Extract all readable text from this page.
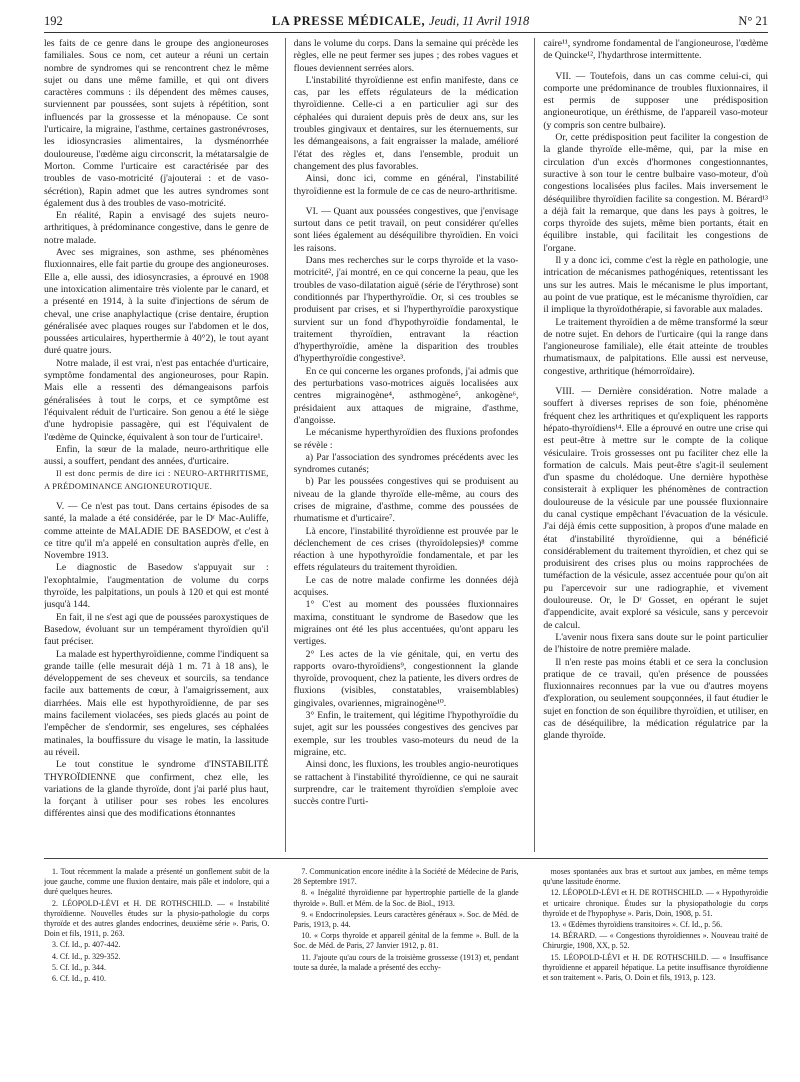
192	LA PRESSE MÉDICALE, Jeudi, 11 Avril 1918	N° 21

les faits de ce genre dans le groupe des angioneuroses familiales. Sous ce nom, cet auteur a réuni un certain nombre de syndromes qui se rencontrent chez le même sujet ou dans une même famille, et qui ont divers caractères communs : ils dépendent des mêmes causes, surviennent par poussées, sont sujets à répétition, sont influencés par la grossesse et la ménopause. Ce sont l'urticaire, la migraine, l'asthme, certaines gastronévroses, les idiosyncrasies alimentaires, la dysménorrhée douloureuse, l'œdème aigu circonscrit, la métatarsalgie de Morton. Comme l'urticaire est caractérisée par des troubles de vaso-motricité (j'ajouterai : et de vaso-sécrétion), Rapin admet que les autres syndromes sont également dus à des troubles de vaso-motricité.

En réalité, Rapin a envisagé des sujets neuro-arthritiques, à prédominance congestive, dans le genre de notre malade.

Avec ses migraines, son asthme, ses phénomènes fluxionnaires, elle fait partie du groupe des angioneuroses. Elle a, elle aussi, des idiosyncrasies, a éprouvé en 1908 une intoxication alimentaire très violente par le canard, et a présenté en 1914, à la suite d'injections de sérum de cheval, une crise anaphylactique (crise dentaire, éruption généralisée avec plaques rouges sur l'abdomen et le dos, poussées articulaires, hyperthermie à 40°2), le tout ayant duré quatre jours.

Notre malade, il est vrai, n'est pas entachée d'urticaire, symptôme fondamental des angioneuroses, pour Rapin. Mais elle a ressenti des démangeaisons parfois généralisées à tout le corps, et ce symptôme est l'équivalent réduit de l'urticaire. Son genou a été le siège d'une hydropisie passagère, qui est l'équivalent de l'œdème de Quincke, équivalent à son tour de l'urticaire¹.

Enfin, la sœur de la malade, neuro-arthritique elle aussi, a souffert, pendant des années, d'urticaire.

Il est donc permis de dire ici : NEURO-ARTHRITISME, A PRÉDOMINANCE ANGIONEUROTIQUE.

V. — Ce n'est pas tout. Dans certains épisodes de sa santé, la malade a été considérée, par le Dʳ Mac-Auliffe, comme atteinte de MALADIE DE BASEDOW, et c'est à ce titre qu'il m'a appelé en consultation auprès d'elle, en Novembre 1913.

Le diagnostic de Basedow s'appuyait sur : l'exophtalmie, l'augmentation de volume du corps thyroïde, les palpitations, un pouls à 120 et qui est monté jusqu'à 144.

En fait, il ne s'est agi que de poussées paroxystiques de Basedow, évoluant sur un tempérament thyroïdien qu'il faut préciser.

La malade est hyperthyroïdienne, comme l'indiquent sa grande taille (elle mesurait déjà 1 m. 71 à 18 ans), le développement de ses cheveux et sourcils, sa tendance facile aux battements de cœur, à l'amaigrissement, aux diarrhées. Mais elle est hypothyroïdienne, de par ses mains facilement violacées, ses pieds glacés au point de l'empêcher de s'endormir, ses engelures, ses céphalées matinales, la bouffissure du visage le matin, la lassitude au réveil.

Le tout constitue le syndrome d'INSTABILITÉ THYROÏDIENNE que confirment, chez elle, les variations de la glande thyroïde, dont j'ai parlé plus haut, la forçant à utiliser pour ses robes les encolures différentes ainsi que des modifications étonnantes

dans le volume du corps. Dans la semaine qui précède les règles, elle ne peut fermer ses jupes ; des robes vagues et floues deviennent serrées alors.

L'instabilité thyroïdienne est enfin manifeste, dans ce cas, par les effets régulateurs de la médication thyroïdienne. Celle-ci a en particulier agi sur des céphalées qui duraient depuis près de deux ans, sur les troubles gingivaux et dentaires, sur les éternuements, sur les démangeaisons, a fait engraisser la malade, amélioré l'état des règles et, dans l'ensemble, produit un changement des plus favorables.

Ainsi, donc ici, comme en général, l'instabilité thyroïdienne est la formule de ce cas de neuro-arthritisme.

VI. — Quant aux poussées congestives, que j'envisage surtout dans ce petit travail, on peut considérer qu'elles sont liées également au déséquilibre thyroïdien. En voici les raisons.

Dans mes recherches sur le corps thyroïde et la vaso-motricité², j'ai montré, en ce qui concerne la peau, que les troubles de vaso-dilatation aiguë (série de l'érythrose) sont conditionnés par l'hyperthyroïdie. Or, si ces troubles se produisent par crises, et si l'hyperthyroïdie paroxystique survient sur un fond d'hypothyroïdie fondamental, le traitement thyroïdien, entravant la réaction d'hyperthyroïdie, amène la disparition des troubles d'hyperthyroïdie congestive³.

En ce qui concerne les organes profonds, j'ai admis que des perturbations vaso-motrices aiguës localisées aux centres migrainogène⁴, asthmogène⁵, ankogène⁶, présidaient aux attaques de migraine, d'asthme, d'angoisse.

Le mécanisme hyperthyroïdien des fluxions profondes se révèle :

a) Par l'association des syndromes précédents avec les syndromes cutanés;

b) Par les poussées congestives qui se produisent au niveau de la glande thyroïde elle-même, au cours des crises de migraine, d'asthme, comme des poussées de rhumatisme et d'urticaire⁷.

Là encore, l'instabilité thyroïdienne est prouvée par le déclenchement de ces crises (thyroïdolepsies)⁸ comme réaction à une hypothyroïdie fondamentale, et par les effets régulateurs du traitement thyroïdien.

Le cas de notre malade confirme les données déjà acquises.

1° C'est au moment des poussées fluxionnaires maxima, constituant le syndrome de Basedow que les migraines ont été les plus accentuées, qu'ont apparu les vertiges.

2° Les actes de la vie génitale, qui, en vertu des rapports ovaro-thyroïdiens⁹, congestionnent la glande thyroïde, provoquent, chez la patiente, les divers ordres de fluxions (visibles, constatables, vraisemblables) gingivales, ovariennes, migrainogène¹⁰.

3° Enfin, le traitement, qui légitime l'hypothyroïdie du sujet, agit sur les poussées congestives des gencives par exemple, sur les troubles vaso-moteurs du neud de la migraine, etc.

Ainsi donc, les fluxions, les troubles angio-neurotiques se rattachent à l'instabilité thyroïdienne, ce qui ne saurait surprendre, car le traitement thyroïdien s'emploie avec succès contre l'urti-

caire¹¹, syndrome fondamental de l'angioneurose, l'œdème de Quincke¹², l'hydarthrose intermittente.

VII. — Toutefois, dans un cas comme celui-ci, qui comporte une prédominance de troubles fluxionnaires, il est permis de supposer une prédisposition angioneurotique, un éréthisme, de l'appareil vaso-moteur (y compris son centre bulbaire).

Or, cette prédisposition peut faciliter la congestion de la glande thyroïde elle-même, qui, par la mise en circulation d'un excès d'hormones congestionnantes, suractive à son tour le centre bulbaire vaso-moteur, d'où congestions localisées plus faciles. Mais inversement le déséquilibre thyroïdien facilite sa congestion. M. Bérard¹³ a déjà fait la remarque, que dans les pays à goitres, le corps thyroïde des sujets, même bien portants, était en équilibre instable, qui facilitait les congestions de l'organe.

Il y a donc ici, comme c'est la règle en pathologie, une intrication de mécanismes pathogéniques, retentissant les uns sur les autres. Mais le mécanisme le plus important, au point de vue pratique, est le mécanisme thyroïdien, car il implique la thyroïdothérapie, si favorable aux malades.

Le traitement thyroïdien a de même transformé la sœur de notre sujet. En dehors de l'urticaire (qui la range dans l'angioneurose familiale), elle était atteinte de troubles rhumatismaux, de palpitations. Elle aussi est nerveuse, congestive, arthritique (hémorroïdaire).

VIII. — Dernière considération. Notre malade a souffert à diverses reprises de son foie, phénomène fréquent chez les arthritiques et qu'expliquent les rapports hépato-thyroïdiens¹⁴. Elle a éprouvé en outre une crise qui est peut-être à mettre sur le compte de la colique vésiculaire. Trois grossesses ont pu faciliter chez elle la formation de calculs. Mais peut-être s'agit-il seulement d'un spasme du cholédoque. Une dernière hypothèse consisterait à expliquer les phénomènes de contraction douloureuse de la vésicule par une poussée fluxionnaire du canal cystique empêchant l'évacuation de la vésicule. J'ai déjà émis cette supposition, à propos d'une malade en état d'instabilité thyroïdienne, qui a bénéficié considérablement du traitement thyroïdien, et chez qui se produisirent des crises plus ou moins rapprochées de tuméfaction de la vésicule, assez accentuée pour qu'on ait pu l'apercevoir sur une radiographie, et vivement douloureuse. Or, le Dʳ Gosset, en opérant le sujet d'appendicite, avait exploré sa vésicule, sans y percevoir de calcul.

L'avenir nous fixera sans doute sur le point particulier de l'histoire de notre première malade.

Il n'en reste pas moins établi et ce sera la conclusion pratique de ce travail, qu'en présence de poussées fluxionnaires reconnues par la vue ou d'autres moyens d'exploration, ou seulement soupçonnées, il faut étudier le sujet en fonction de son équilibre thyroïdien, et utiliser, en cas de déséquilibre, la médication régulatrice par la glande thyroïde.

1. Tout récemment la malade a présenté un gonflement subit de la joue gauche, comme une fluxion dentaire, mais pâle et indolore, qui a duré quelques heures.

2. LÉOPOLD-LÉVI et H. DE ROTHSCHILD. — « Instabilité thyroïdienne. Nouvelles études sur la physio-pathologie du corps thyroïde et des autres glandes endocrines, deuxième série ». Paris, O. Doin et fils, 1911, p. 263.

3. Cf. Id., p. 407-442.

4. Cf. Id., p. 329-352.

5. Cf. Id., p. 344.

6. Cf. Id., p. 410.

7. Communication encore inédite à la Société de Médecine de Paris, 28 Septembre 1917.

8. « Inégalité thyroïdienne par hypertrophie partielle de la glande thyroïde ». Bull. et Mém. de la Soc. de Biol., 1913.

9. « Endocrinolepsies. Leurs caractères généraux ». Soc. de Méd. de Paris, 1913, p. 44.

10. « Corps thyroïde et appareil génital de la femme ». Bull. de la Soc. de Méd. de Paris, 27 Janvier 1912, p. 81.

11. J'ajoute qu'au cours de la troisième grossesse (1913) et, pendant toute sa durée, la malade a présenté des ecchy-

moses spontanées aux bras et surtout aux jambes, en même temps qu'une lassitude énorme.

12. LÉOPOLD-LÉVI et H. DE ROTHSCHILD. — « Hypothyroïdie et urticaire chronique. Études sur la physiopathologie du corps thyroïde et de l'hypophyse ». Paris, Doin, 1908, p. 51.

13. « Œdèmes thyroïdiens transitoires ». Cf. Id., p. 56.

14. BÉRARD. — « Congestions thyroïdiennes ». Nouveau traité de Chirurgie, 1908, XX, p. 52.

15. LÉOPOLD-LÉVI et H. DE ROTHSCHILD. — « Insuffisance thyroïdienne et appareil hépatique. La petite insuffisance thyroïdienne et son traitement ». Paris, O. Doin et fils, 1913, p. 123.
